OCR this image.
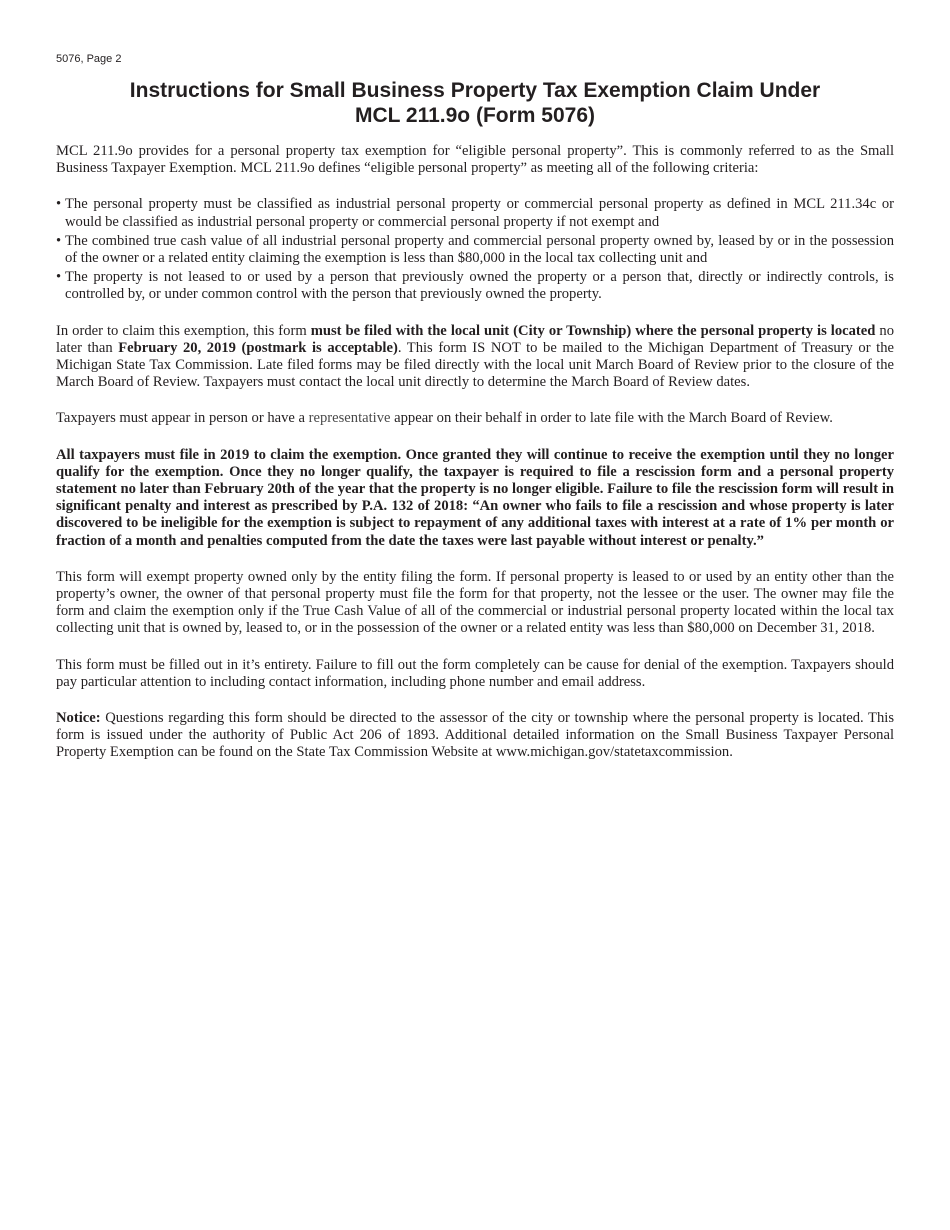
5076, Page 2

Instructions for Small Business Property Tax Exemption Claim Under
MCL 211.9o (Form 5076)

MCL 211.9o provides for a personal property tax exemption for “eligible personal property”. This is commonly referred to as the Small Business Taxpayer Exemption. MCL 211.9o defines “eligible personal property” as meeting all of the following criteria:

• The personal property must be classified as industrial personal property or commercial personal property as defined in MCL 211.34c or would be classified as industrial personal property or commercial personal property if not exempt and
• The combined true cash value of all industrial personal property and commercial personal property owned by, leased by or in the possession of the owner or a related entity claiming the exemption is less than $80,000 in the local tax collecting unit and
• The property is not leased to or used by a person that previously owned the property or a person that, directly or indirectly controls, is controlled by, or under common control with the person that previously owned the property.

In order to claim this exemption, this form must be filed with the local unit (City or Township) where the personal property is located no later than February 20, 2019 (postmark is acceptable). This form IS NOT to be mailed to the Michigan Department of Treasury or the Michigan State Tax Commission. Late filed forms may be filed directly with the local unit March Board of Review prior to the closure of the March Board of Review. Taxpayers must contact the local unit directly to determine the March Board of Review dates.

Taxpayers must appear in person or have a representative appear on their behalf in order to late file with the March Board of Review.

All taxpayers must file in 2019 to claim the exemption. Once granted they will continue to receive the exemption until they no longer qualify for the exemption. Once they no longer qualify, the taxpayer is required to file a rescission form and a personal property statement no later than February 20th of the year that the property is no longer eligible. Failure to file the rescission form will result in significant penalty and interest as prescribed by P.A. 132 of 2018: “An owner who fails to file a rescission and whose property is later discovered to be ineligible for the exemption is subject to repayment of any additional taxes with interest at a rate of 1% per month or fraction of a month and penalties computed from the date the taxes were last payable without interest or penalty.”

This form will exempt property owned only by the entity filing the form. If personal property is leased to or used by an entity other than the property’s owner, the owner of that personal property must file the form for that property, not the lessee or the user. The owner may file the form and claim the exemption only if the True Cash Value of all of the commercial or industrial personal property located within the local tax collecting unit that is owned by, leased to, or in the possession of the owner or a related entity was less than $80,000 on December 31, 2018.

This form must be filled out in it’s entirety. Failure to fill out the form completely can be cause for denial of the exemption. Taxpayers should pay particular attention to including contact information, including phone number and email address.

Notice: Questions regarding this form should be directed to the assessor of the city or township where the personal property is located. This form is issued under the authority of Public Act 206 of 1893. Additional detailed information on the Small Business Taxpayer Personal Property Exemption can be found on the State Tax Commission Website at www.michigan.gov/statetaxcommission.
